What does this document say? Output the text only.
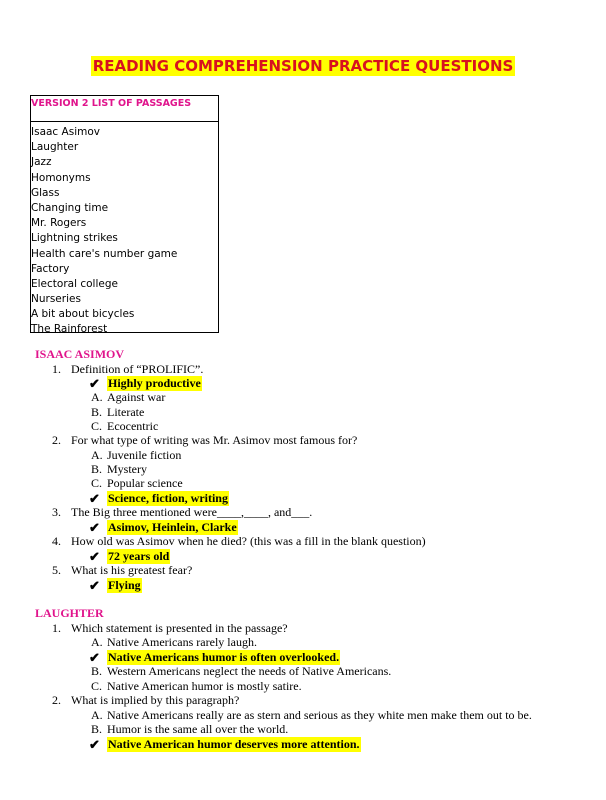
READING COMPREHENSION PRACTICE QUESTIONS
VERSION 2 LIST OF PASSAGES
Isaac Asimov
Laughter
Jazz
Homonyms
Glass
Changing time
Mr. Rogers
Lightning strikes
Health care's number game
Factory
Electoral college
Nurseries
A bit about bicycles
The Rainforest
ISAAC ASIMOV
1. Definition of “PROLIFIC”.
✔ Highly productive
A. Against war
B. Literate
C. Ecocentric
2. For what type of writing was Mr. Asimov most famous for?
A. Juvenile fiction
B. Mystery
C. Popular science
✔ Science, fiction, writing
3. The Big three mentioned were____,____, and___.
✔ Asimov, Heinlein, Clarke
4. How old was Asimov when he died? (this was a fill in the blank question)
✔ 72 years old
5. What is his greatest fear?
✔ Flying
LAUGHTER
1. Which statement is presented in the passage?
A. Native Americans rarely laugh.
✔ Native Americans humor is often overlooked.
B. Western Americans neglect the needs of Native Americans.
C. Native American humor is mostly satire.
2. What is implied by this paragraph?
A. Native Americans really are as stern and serious as they white men make them out to be.
B. Humor is the same all over the world.
✔ Native American humor deserves more attention.
